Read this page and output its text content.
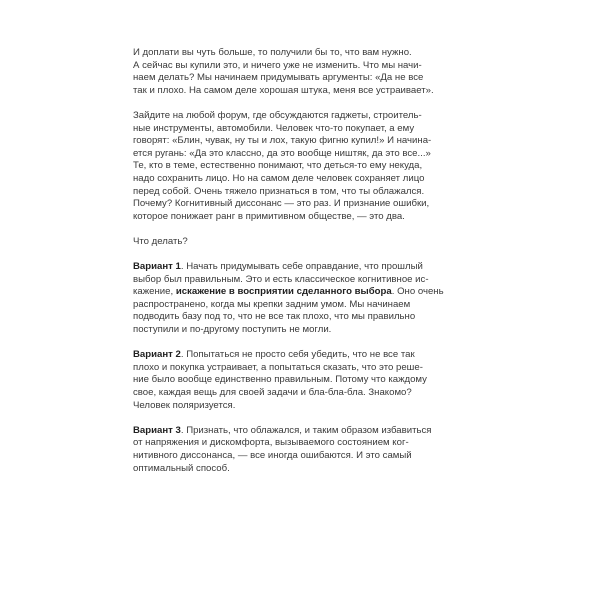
И доплати вы чуть больше, то получили бы то, что вам нужно.
А сейчас вы купили это, и ничего уже не изменить. Что мы начи-
наем делать? Мы начинаем придумывать аргументы: «Да не все
так и плохо. На самом деле хорошая штука, меня все устраивает».
Зайдите на любой форум, где обсуждаются гаджеты, строитель-
ные инструменты, автомобили. Человек что-то покупает, а ему
говорят: «Блин, чувак, ну ты и лох, такую фигню купил!» И начина-
ется ругань: «Да это классно, да это вообще ништяк, да это все...»
Те, кто в теме, естественно понимают, что деться-то ему некуда,
надо сохранить лицо. Но на самом деле человек сохраняет лицо
перед собой. Очень тяжело признаться в том, что ты облажался.
Почему? Когнитивный диссонанс — это раз. И признание ошибки,
которое понижает ранг в примитивном обществе, — это два.
Что делать?
Вариант 1. Начать придумывать себе оправдание, что прошлый
выбор был правильным. Это и есть классическое когнитивное ис-
кажение, искажение в восприятии сделанного выбора. Оно очень
распространено, когда мы крепки задним умом. Мы начинаем
подводить базу под то, что не все так плохо, что мы правильно
поступили и по-другому поступить не могли.
Вариант 2. Попытаться не просто себя убедить, что не все так
плохо и покупка устраивает, а попытаться сказать, что это реше-
ние было вообще единственно правильным. Потому что каждому
свое, каждая вещь для своей задачи и бла-бла-бла. Знакомо?
Человек поляризуется.
Вариант 3. Признать, что облажался, и таким образом избавиться
от напряжения и дискомфорта, вызываемого состоянием ког-
нитивного диссонанса, — все иногда ошибаются. И это самый
оптимальный способ.
